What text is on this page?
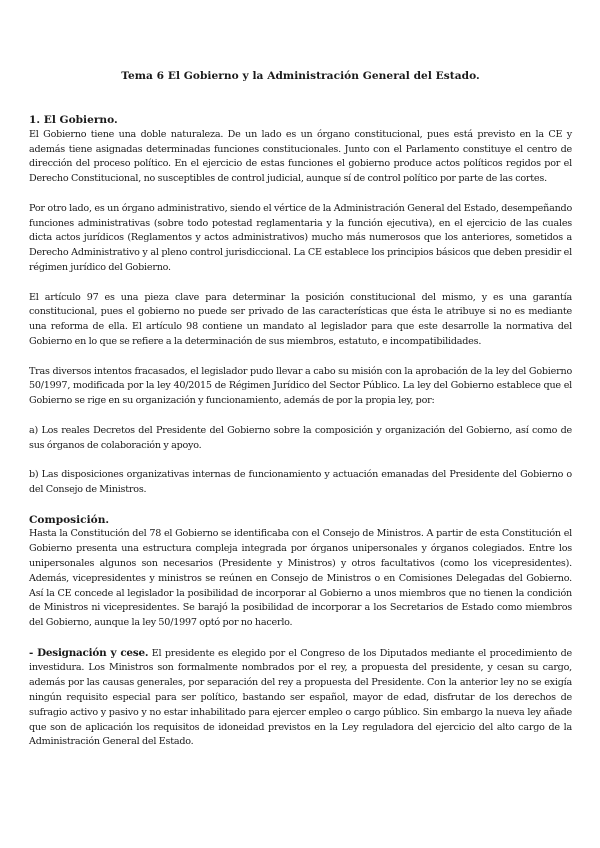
Tema 6 El Gobierno y la Administración General del Estado.
1. El Gobierno.

El Gobierno tiene una doble naturaleza. De un lado es un órgano constitucional, pues está previsto en la CE y además tiene asignadas determinadas funciones constitucionales. Junto con el Parlamento constituye el centro de dirección del proceso político. En el ejercicio de estas funciones el gobierno produce actos políticos regidos por el Derecho Constitucional, no susceptibles de control judicial, aunque sí de control político por parte de las cortes.

Por otro lado, es un órgano administrativo, siendo el vértice de la Administración General del Estado, desempeñando funciones administrativas (sobre todo potestad reglamentaria y la función ejecutiva), en el ejercicio de las cuales dicta actos jurídicos (Reglamentos y actos administrativos) mucho más numerosos que los anteriores, sometidos a Derecho Administrativo y al pleno control jurisdiccional. La CE establece los principios básicos que deben presidir el régimen jurídico del Gobierno.

El artículo 97 es una pieza clave para determinar la posición constitucional del mismo, y es una garantía constitucional, pues el gobierno no puede ser privado de las características que ésta le atribuye si no es mediante una reforma de ella. El artículo 98 contiene un mandato al legislador para que este desarrolle la normativa del Gobierno en lo que se refiere a la determinación de sus miembros, estatuto, e incompatibilidades.

Tras diversos intentos fracasados, el legislador pudo llevar a cabo su misión con la aprobación de la ley del Gobierno 50/1997, modificada por la ley 40/2015 de Régimen Jurídico del Sector Público. La ley del Gobierno establece que el Gobierno se rige en su organización y funcionamiento, además de por la propia ley, por:

a) Los reales Decretos del Presidente del Gobierno sobre la composición y organización del Gobierno, así como de sus órganos de colaboración y apoyo.

b) Las disposiciones organizativas internas de funcionamiento y actuación emanadas del Presidente del Gobierno o del Consejo de Ministros.

Composición.

Hasta la Constitución del 78 el Gobierno se identificaba con el Consejo de Ministros. A partir de esta Constitución el Gobierno presenta una estructura compleja integrada por órganos unipersonales y órganos colegiados. Entre los unipersonales algunos son necesarios (Presidente y Ministros) y otros facultativos (como los vicepresidentes). Además, vicepresidentes y ministros se reúnen en Consejo de Ministros o en Comisiones Delegadas del Gobierno. Así la CE concede al legislador la posibilidad de incorporar al Gobierno a unos miembros que no tienen la condición de Ministros ni vicepresidentes. Se barajó la posibilidad de incorporar a los Secretarios de Estado como miembros del Gobierno, aunque la ley 50/1997 optó por no hacerlo.

- Designación y cese. El presidente es elegido por el Congreso de los Diputados mediante el procedimiento de investidura. Los Ministros son formalmente nombrados por el rey, a propuesta del presidente, y cesan su cargo, además por las causas generales, por separación del rey a propuesta del Presidente. Con la anterior ley no se exigía ningún requisito especial para ser político, bastando ser español, mayor de edad, disfrutar de los derechos de sufragio activo y pasivo y no estar inhabilitado para ejercer empleo o cargo público. Sin embargo la nueva ley añade que son de aplicación los requisitos de idoneidad previstos en la Ley reguladora del ejercicio del alto cargo de la Administración General del Estado.
